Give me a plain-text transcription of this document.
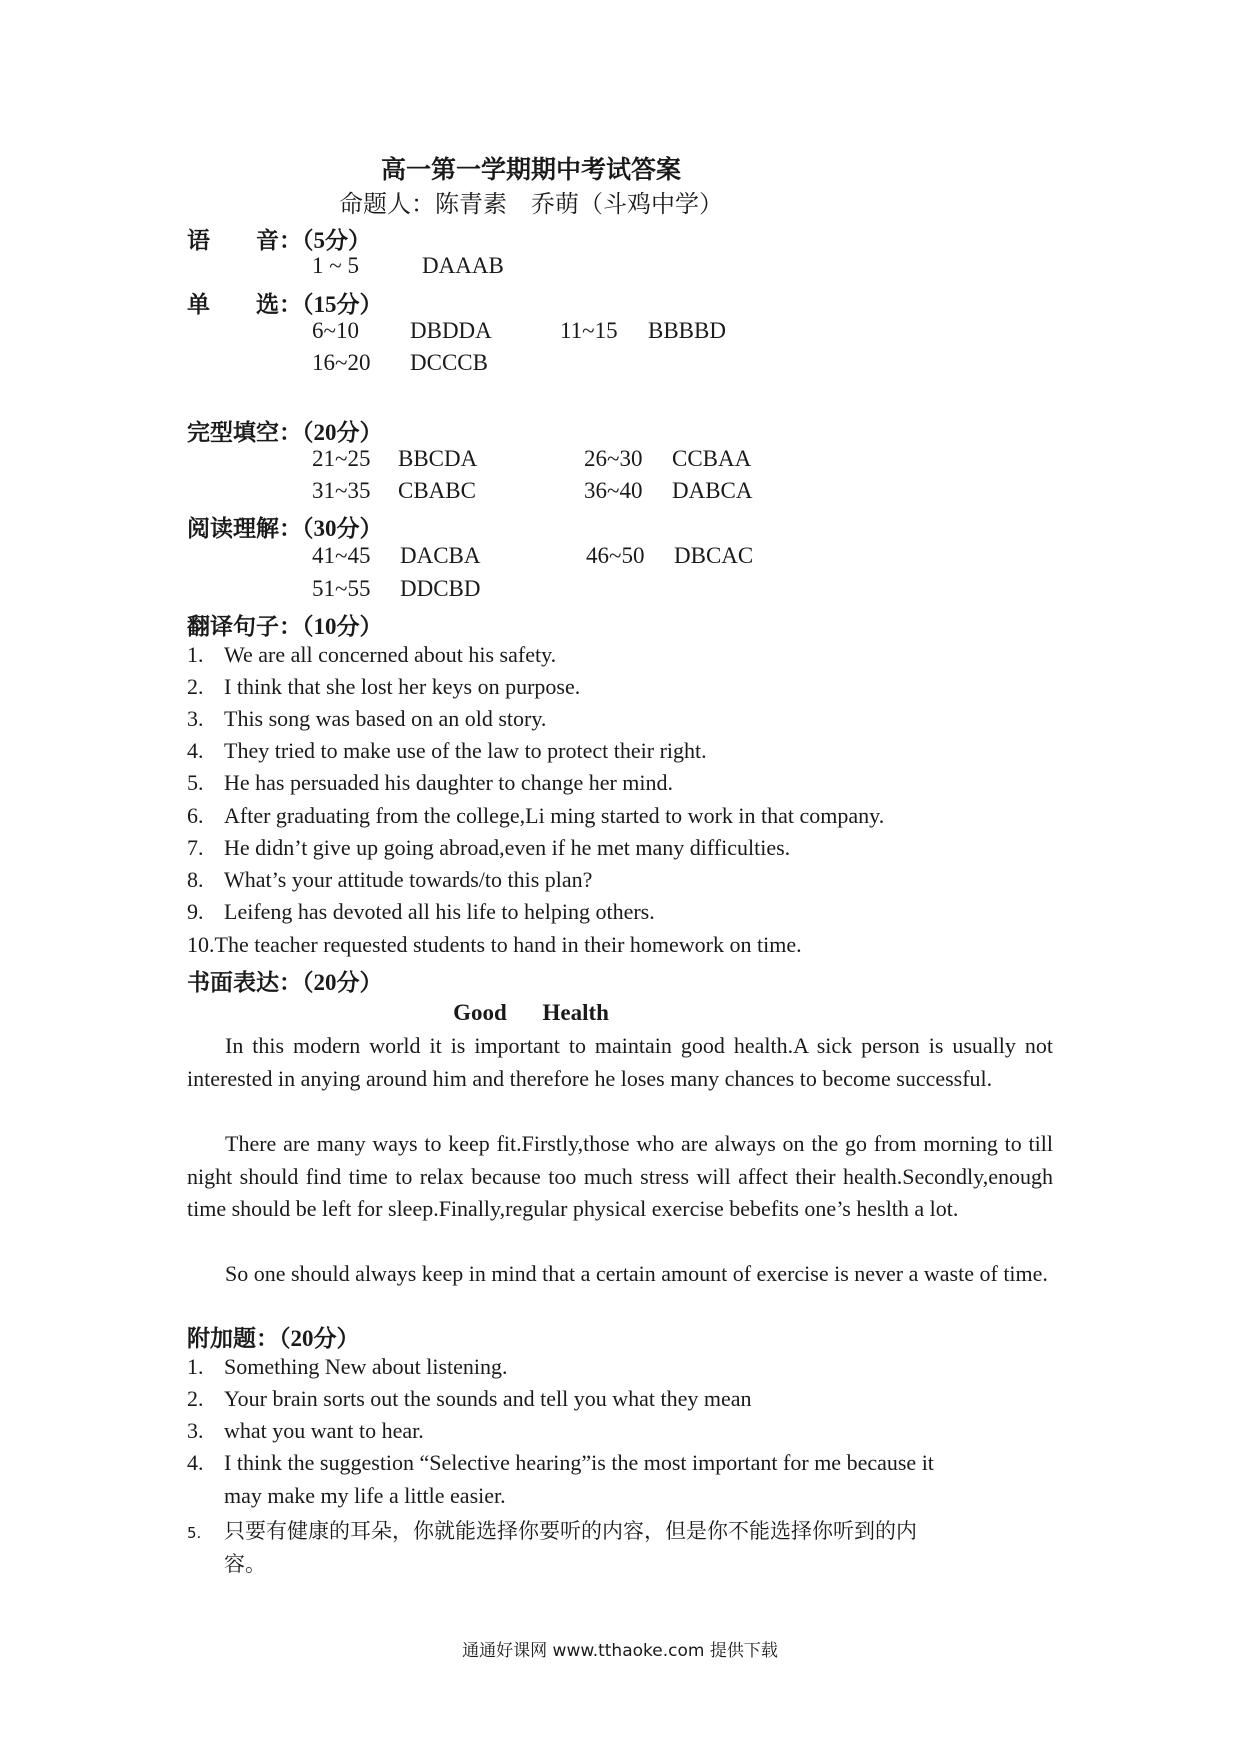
高一第一学期期中考试答案
命题人：陈青素　乔萌（斗鸡中学）
语　　音：（5分）
1 ~ 5	DAAAB
单　　选：（15分）
6~10 DBDDA	11~15 BBBBD
16~20 DCCCB
完型填空：（20分）
21~25 BBCDA	26~30 CCBAA
31~35 CBABC	36~40 DABCA
阅读理解：（30分）
41~45 DACBA	46~50 DBCAC
51~55 DDCBD
翻译句子：（10分）
1. We are all concerned about his safety.
2. I think that she lost her keys on purpose.
3. This song was based on an old story.
4. They tried to make use of the law to protect their right.
5. He has persuaded his daughter to change her mind.
6. After graduating from the college,Li ming started to work in that company.
7. He didn’t give up going abroad,even if he met many difficulties.
8. What’s your attitude towards/to this plan?
9. Leifeng has devoted all his life to helping others.
10.The teacher requested students to hand in their homework on time.
书面表达：（20分）
Good Health
In this modern world it is important to maintain good health.A sick person is usually not interested in anying around him and therefore he loses many chances to become successful.
There are many ways to keep fit.Firstly,those who are always on the go from morning to till night should find time to relax because too much stress will affect their health.Secondly,enough time should be left for sleep.Finally,regular physical exercise bebefits one’s heslth a lot.
So one should always keep in mind that a certain amount of exercise is never a waste of time.
附加题：（20分）
1. Something New about listening.
2. Your brain sorts out the sounds and tell you what they mean
3. what you want to hear.
4. I think the suggestion “Selective hearing”is the most important for me because it
may make my life a little easier.
5. 只要有健康的耳朵，你就能选择你要听的内容，但是你不能选择你听到的内
容。
通通好课网 www.tthaoke.com 提供下载
